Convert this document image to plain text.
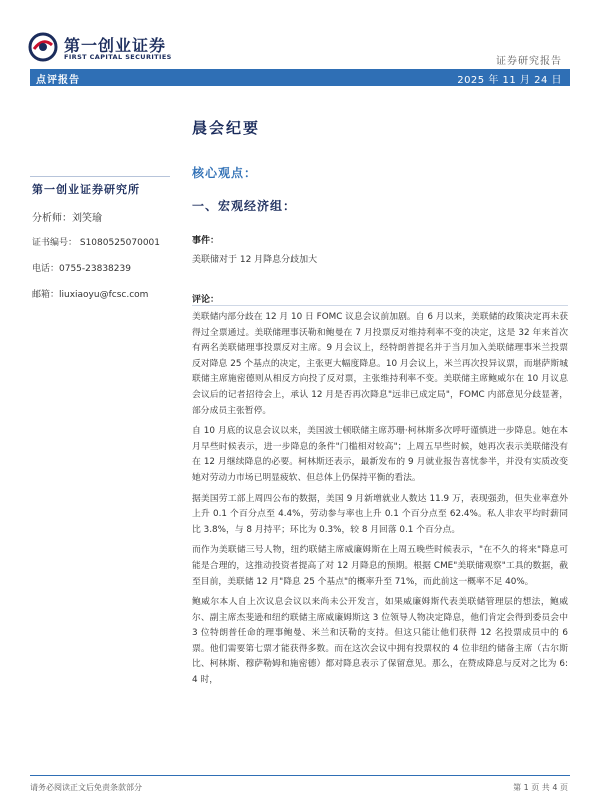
第一创业证券
FIRST CAPITAL SECURITIES	证券研究报告
点评报告	2025 年 11 月 24 日
晨会纪要
第一创业证券研究所
分析师：刘笑瑜
证书编号： S1080525070001
电话：0755-23838239
邮箱：liuxiaoyu@fcsc.com
核心观点：
一、宏观经济组：
事件：
美联储对于 12 月降息分歧加大
评论：

美联储内部分歧在 12 月 10 日 FOMC 议息会议前加剧。自 6 月以来，美联储的政策决定再未获得过全票通过。美联储理事沃勒和鲍曼在 7 月投票反对维持利率不变的决定，这是 32 年来首次有两名美联储理事投票反对主席。9 月会议上，经特朗普提名并于当月加入美联储理事米兰投票反对降息 25 个基点的决定，主张更大幅度降息。10 月会议上，米兰再次投异议票，而堪萨斯城联储主席施密德则从相反方向投了反对票，主张维持利率不变。美联储主席鲍威尔在 10 月议息会议后的记者招待会上，承认 12 月是否再次降息"远非已成定局"，FOMC 内部意见分歧显著，部分成员主张暂停。

自 10 月底的议息会议以来，美国波士顿联储主席苏珊·柯林斯多次呼吁谨慎进一步降息。她在本月早些时候表示，进一步降息的条件"门槛相对较高"；上周五早些时候，她再次表示美联储没有在 12 月继续降息的必要。柯林斯还表示，最新发布的 9 月就业报告喜忧参半，并没有实质改变她对劳动力市场已明显疲软、但总体上仍保持平衡的看法。

据美国劳工部上周四公布的数据，美国 9 月新增就业人数达 11.9 万，表现强劲，但失业率意外上升 0.1 个百分点至 4.4%，劳动参与率也上升 0.1 个百分点至 62.4%。私人非农平均时薪同比 3.8%，与 8 月持平；环比为 0.3%，较 8 月回落 0.1 个百分点。

而作为美联储三号人物，纽约联储主席威廉姆斯在上周五晚些时候表示，"在不久的将来"降息可能是合理的，这推动投资者提高了对 12 月降息的预期。根据 CME"美联储观察"工具的数据，截至目前，美联储 12 月"降息 25 个基点"的概率升至 71%，而此前这一概率不足 40%。

鲍威尔本人自上次议息会议以来尚未公开发言，如果威廉姆斯代表美联储管理层的想法，鲍威尔、副主席杰斐逊和纽约联储主席威廉姆斯这 3 位领导人物决定降息，他们肯定会得到委员会中 3 位特朗普任命的理事鲍曼、米兰和沃勒的支持。但这只能让他们获得 12 名投票成员中的 6 票。他们需要第七票才能获得多数。而在这次会议中拥有投票权的 4 位非纽约储备主席（古尔斯比、柯林斯、穆萨勒姆和施密德）都对降息表示了保留意见。那么，在赞成降息与反对之比为 6:4 时，

请务必阅读正文后免责条款部分	第 1 页 共 4 页
